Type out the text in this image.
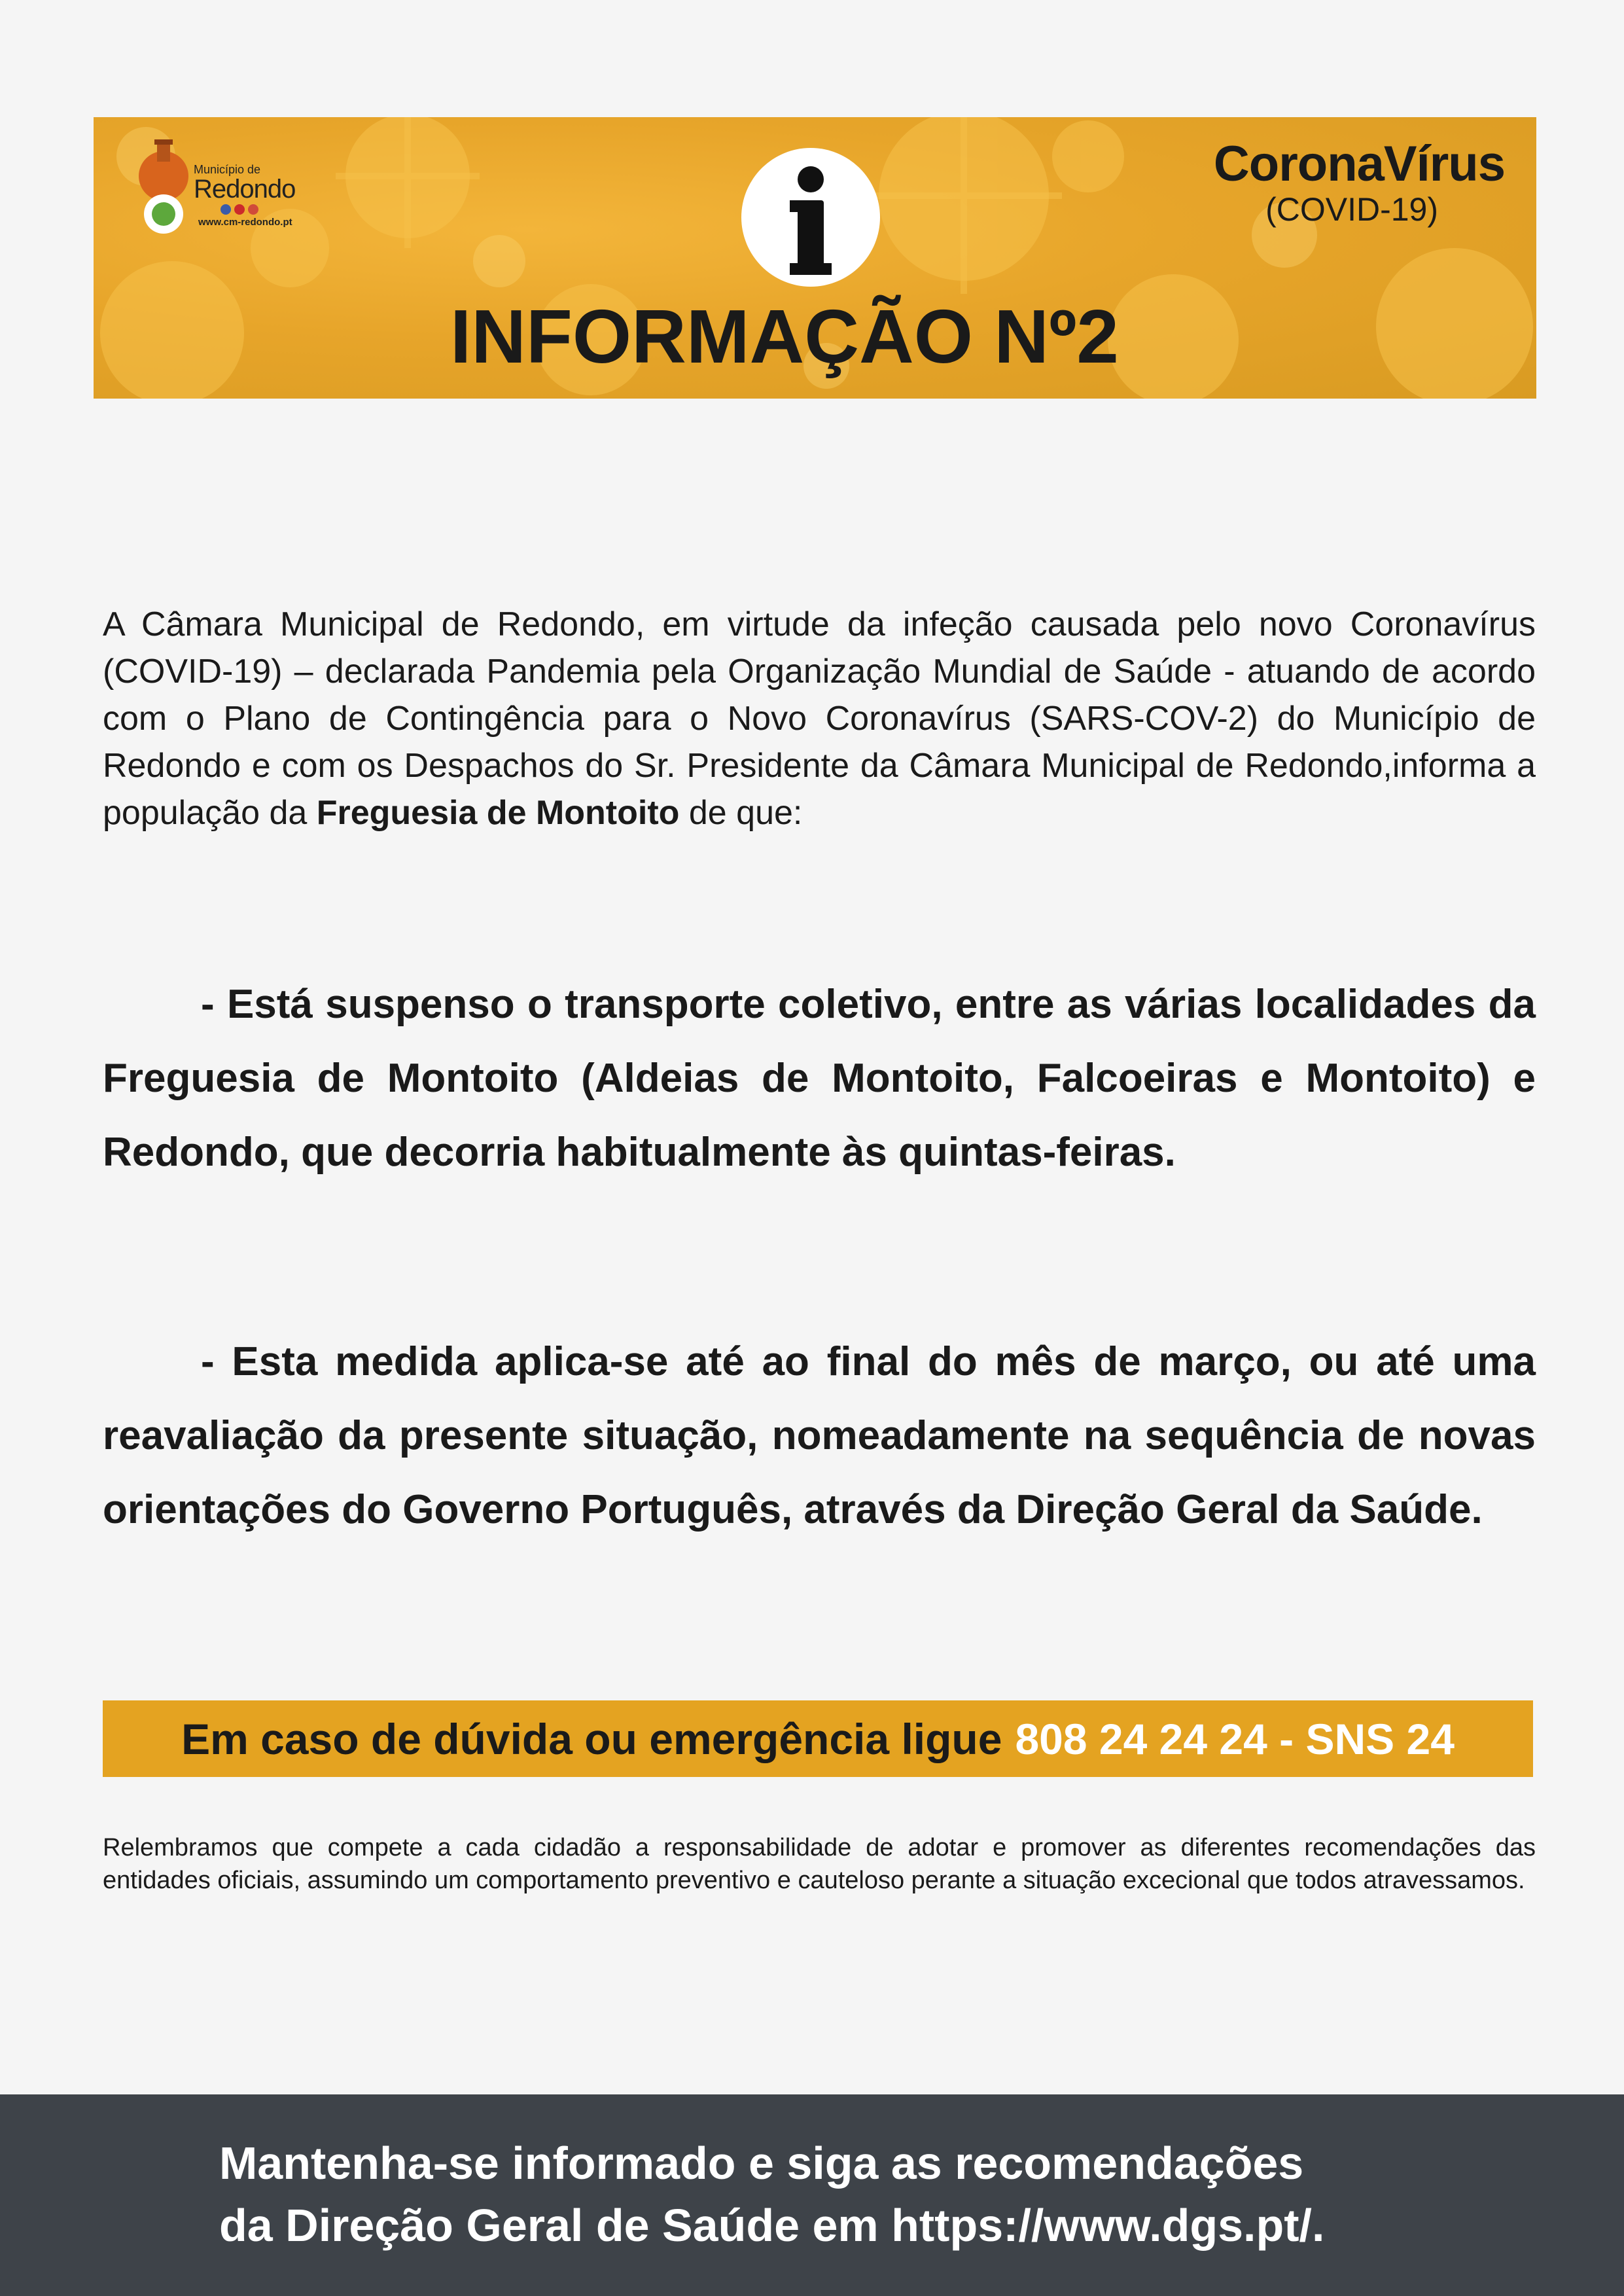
Município de
Redondo
www.cm-redondo.pt
CoronaVírus
(COVID-19)
INFORMAÇÃO Nº2

A Câmara Municipal de Redondo, em virtude da infeção causada pelo novo Coronavírus (COVID-19) – declarada Pandemia pela Organização Mundial de Saúde - atuando de acordo com o Plano de Contingência para o Novo Coronavírus (SARS-COV-2) do Município de Redondo e com os Despachos do Sr. Presidente da Câmara Municipal de Redondo,informa a população da Freguesia de Montoito de que:

- Está suspenso o transporte coletivo, entre as várias localidades da Freguesia de Montoito (Aldeias de Montoito, Falcoeiras e Montoito) e Redondo, que decorria habitualmente às quintas-feiras.

- Esta medida aplica-se até ao final do mês de março, ou até uma reavaliação da presente situação, nomeadamente na sequência de novas orientações do Governo Português, através da Direção Geral da Saúde.

Em caso de dúvida ou emergência ligue 808 24 24 24 - SNS 24

Relembramos que compete a cada cidadão a responsabilidade de adotar e promover as diferentes recomendações das entidades oficiais, assumindo um comportamento preventivo e cauteloso perante a situação excecional que todos atravessamos.

Mantenha-se informado e siga as recomendações
da Direção Geral de Saúde em https://www.dgs.pt/.
